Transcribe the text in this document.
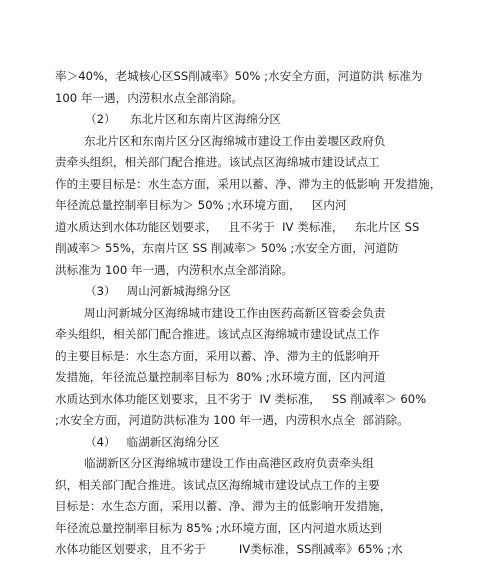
率＞40%，老城核心区SS削减率》50% ;水安全方面，河道防洪 标准为
100 年一遇，内涝积水点全部消除。
（2）    东北片区和东南片区海绵分区
东北片区和东南片区分区海绵城市建设工作由姜堰区政府负
责牵头组织，相关部门配合推进。该试点区海绵城市建设试点工
作的主要目标是：水生态方面，采用以蓄、净、滞为主的低影响 开发措施，
年径流总量控制率目标为＞ 50% ;水环境方面，   区内河
道水质达到水体功能区划要求，   且不劣于  IV 类标准，   东北片区 SS
削减率＞ 55%，东南片区 SS 削减率＞ 50% ;水安全方面，河道防
洪标准为 100 年一遇，内涝积水点全部消除。
（3）   周山河新城海绵分区
周山河新城分区海绵城市建设工作由医药高新区管委会负责
牵头组织，相关部门配合推进。该试点区海绵城市建设试点工作
的主要目标是：水生态方面，采用以蓄、净、滞为主的低影响开
发措施，年径流总量控制率目标为  80% ;水环境方面，区内河道
水质达到水体功能区划要求，且不劣于  IV 类标准，   SS 削减率＞ 60%
;水安全方面，河道防洪标准为 100 年一遇，内涝积水点全  部消除。
（4）   临湖新区海绵分区
临湖新区分区海绵城市建设工作由高港区政府负责牵头组
织，相关部门配合推进。该试点区海绵城市建设试点工作的主要
目标是：水生态方面，采用以蓄、净、滞为主的低影响开发措施，
年径流总量控制率目标为 85% ;水环境方面，区内河道水质达到
水体功能区划要求，且不劣于         IV类标准，SS削减率》65% ;水
